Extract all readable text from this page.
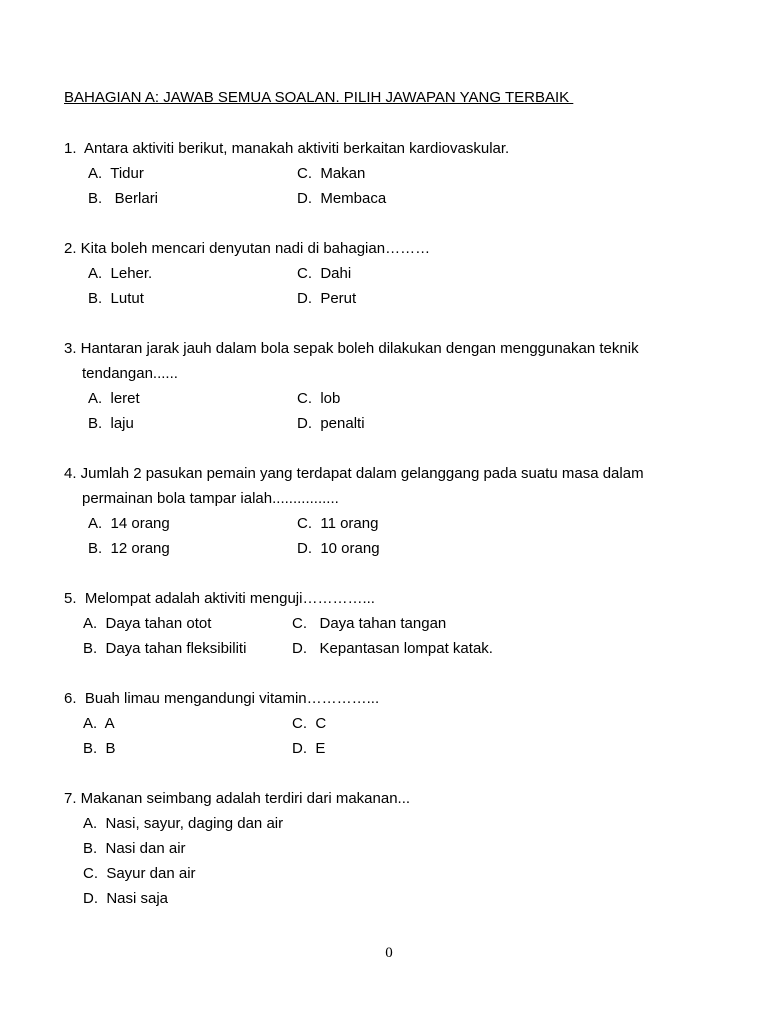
BAHAGIAN A: JAWAB SEMUA SOALAN. PILIH JAWAPAN YANG TERBAIK
1.  Antara aktiviti berikut, manakah aktiviti berkaitan kardiovaskular.
A.  Tidur	C.  Makan
B.   Berlari	D.  Membaca
2. Kita boleh mencari denyutan nadi di bahagian………
A.  Leher.	C.  Dahi
B.  Lutut	D.  Perut
3. Hantaran jarak jauh dalam bola sepak boleh dilakukan dengan menggunakan teknik
tendangan......
A.  leret	C.  lob
B.  laju	D.  penalti
4. Jumlah 2 pasukan pemain yang terdapat dalam gelanggang pada suatu masa dalam
permainan bola tampar ialah................
A.  14 orang	C.  11 orang
B.  12 orang	D.  10 orang
5.  Melompat adalah aktiviti menguji…………...
A.  Daya tahan otot	C.   Daya tahan tangan
B.  Daya tahan fleksibiliti	D.   Kepantasan lompat katak.
6.  Buah limau mengandungi vitamin…………...
A.  A	C.  C
B.  B	D.  E
7. Makanan seimbang adalah terdiri dari makanan...
A.  Nasi, sayur, daging dan air
B.  Nasi dan air
C.  Sayur dan air
D.  Nasi saja
0
